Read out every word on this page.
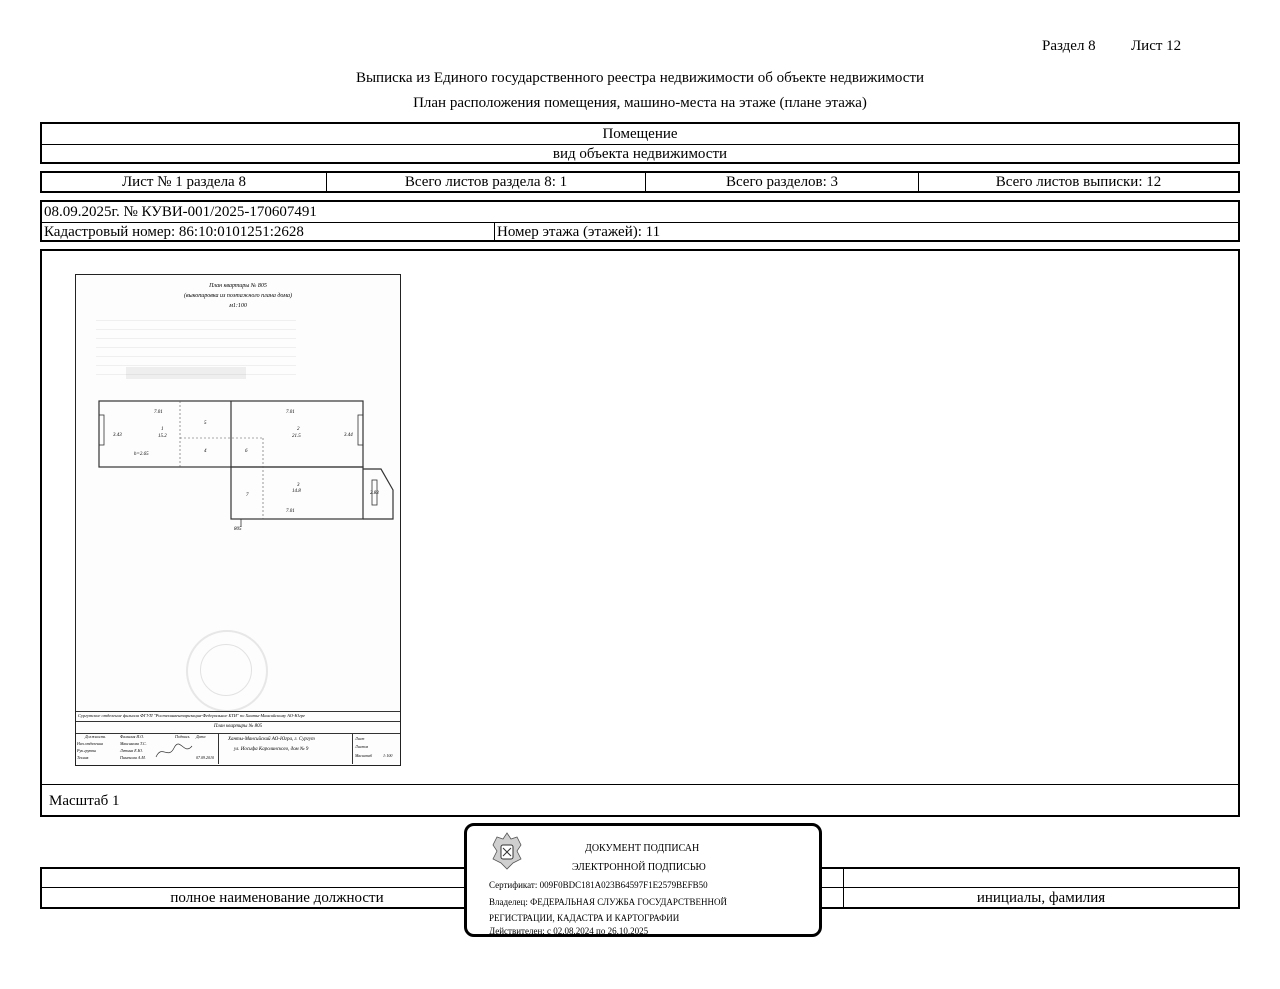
Раздел 8 Лист 12
Выписка из Единого государственного реестра недвижимости об объекте недвижимости
План расположения помещения, машино-места на этаже (плане этажа)
Помещение
вид объекта недвижимости
Лист № 1 раздела 8	Всего листов раздела 8: 1	Всего разделов: 3	Всего листов выписки: 12
08.09.2025г. № КУВИ-001/2025-170607491
Кадастровый номер: 86:10:0101251:2628	Номер этажа (этажей): 11
Масштаб 1
План квартиры № 805
(выкопировка из поэтажного плана дома)
м1:100
7.01	7.01
3.43	3.44
2.83
7.01
1
15.2
2
21.5
3
14.8
4
5
6
7
h=2.65
805
Сургутское отделение филиала ФГУП "Ростехинвентаризация-Федеральное БТИ" по Ханты-Мансийскому АО-Югре
План квартиры № 805
Должность	Фамилия И.О.	Подпись Дата
Нач.отделения	Максимова Т.С.
Рук.группы	Летина Е.Ю.
Техник	Пименова А.М.	07.09.2010
Ханты-Мансийский АО-Югра, г. Сургут
ул. Иосифа Каролинского, дом № 9
Лист
Листов
Масштаб	1:100
полное наименование должности	инициалы, фамилия
ДОКУМЕНТ ПОДПИСАН
ЭЛЕКТРОННОЙ ПОДПИСЬЮ
Сертификат: 009F0BDC181A023B64597F1E2579BEFB50
Владелец: ФЕДЕРАЛЬНАЯ СЛУЖБА ГОСУДАРСТВЕННОЙ
РЕГИСТРАЦИИ, КАДАСТРА И КАРТОГРАФИИ
Действителен: с 02.08.2024 по 26.10.2025
